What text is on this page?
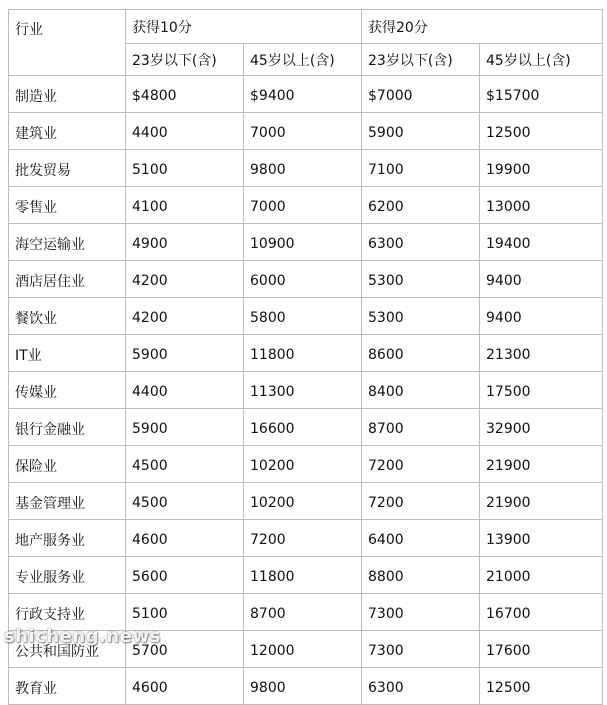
行业	获得10分		获得20分	
	23岁以下(含)	45岁以上(含)	23岁以下(含)	45岁以上(含)
制造业	$4800	$9400	$7000	$15700
建筑业	4400	7000	5900	12500
批发贸易	5100	9800	7100	19900
零售业	4100	7000	6200	13000
海空运输业	4900	10900	6300	19400
酒店居住业	4200	6000	5300	9400
餐饮业	4200	5800	5300	9400
IT业	5900	11800	8600	21300
传媒业	4400	11300	8400	17500
银行金融业	5900	16600	8700	32900
保险业	4500	10200	7200	21900
基金管理业	4500	10200	7200	21900
地产服务业	4600	7200	6400	13900
专业服务业	5600	11800	8800	21000
行政支持业	5100	8700	7300	16700
公共和国防业	5700	12000	7300	17600
教育业	4600	9800	6300	12500
shicheng.news
